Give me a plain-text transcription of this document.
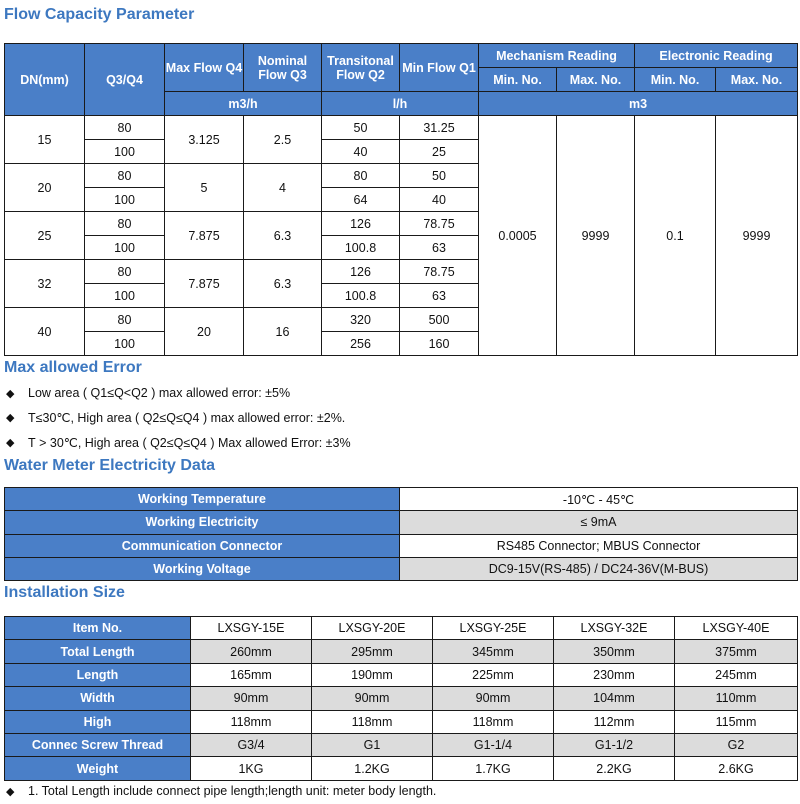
Flow Capacity Parameter
DN(mm)	Q3/Q4	Max Flow Q4	Nominal Flow Q3	Transitonal Flow Q2	Min Flow Q1	Mechanism Reading		Electronic Reading	
						Min. No.	Max. No.	Min. No.	Max. No.
		m3/h		l/h		m3			
15	80	3.125	2.5	50	31.25	0.0005	9999	0.1	9999
	100			40	25				
20	80	5	4	80	50				
	100			64	40				
25	80	7.875	6.3	126	78.75				
	100			100.8	63				
32	80	7.875	6.3	126	78.75				
	100			100.8	63				
40	80	20	16	320	500				
	100			256	160				
Max allowed Error
◆	Low area ( Q1≤Q<Q2 ) max allowed error: ±5%
◆	T≤30℃, High area ( Q2≤Q≤Q4 ) max allowed error: ±2%.
◆	T > 30℃, High area ( Q2≤Q≤Q4 ) Max allowed Error: ±3%
Water Meter Electricity Data
Working Temperature	-10℃ - 45℃
Working Electricity	≤ 9mA
Communication Connector	RS485 Connector; MBUS Connector
Working Voltage	DC9-15V(RS-485) / DC24-36V(M-BUS)
Installation Size
Item No.	LXSGY-15E	LXSGY-20E	LXSGY-25E	LXSGY-32E	LXSGY-40E
Total Length	260mm	295mm	345mm	350mm	375mm
Length	165mm	190mm	225mm	230mm	245mm
Width	90mm	90mm	90mm	104mm	110mm
High	118mm	118mm	118mm	112mm	115mm
Connec Screw Thread	G3/4	G1	G1-1/4	G1-1/2	G2
Weight	1KG	1.2KG	1.7KG	2.2KG	2.6KG
◆	1. Total Length include connect pipe length;length unit: meter body length.
